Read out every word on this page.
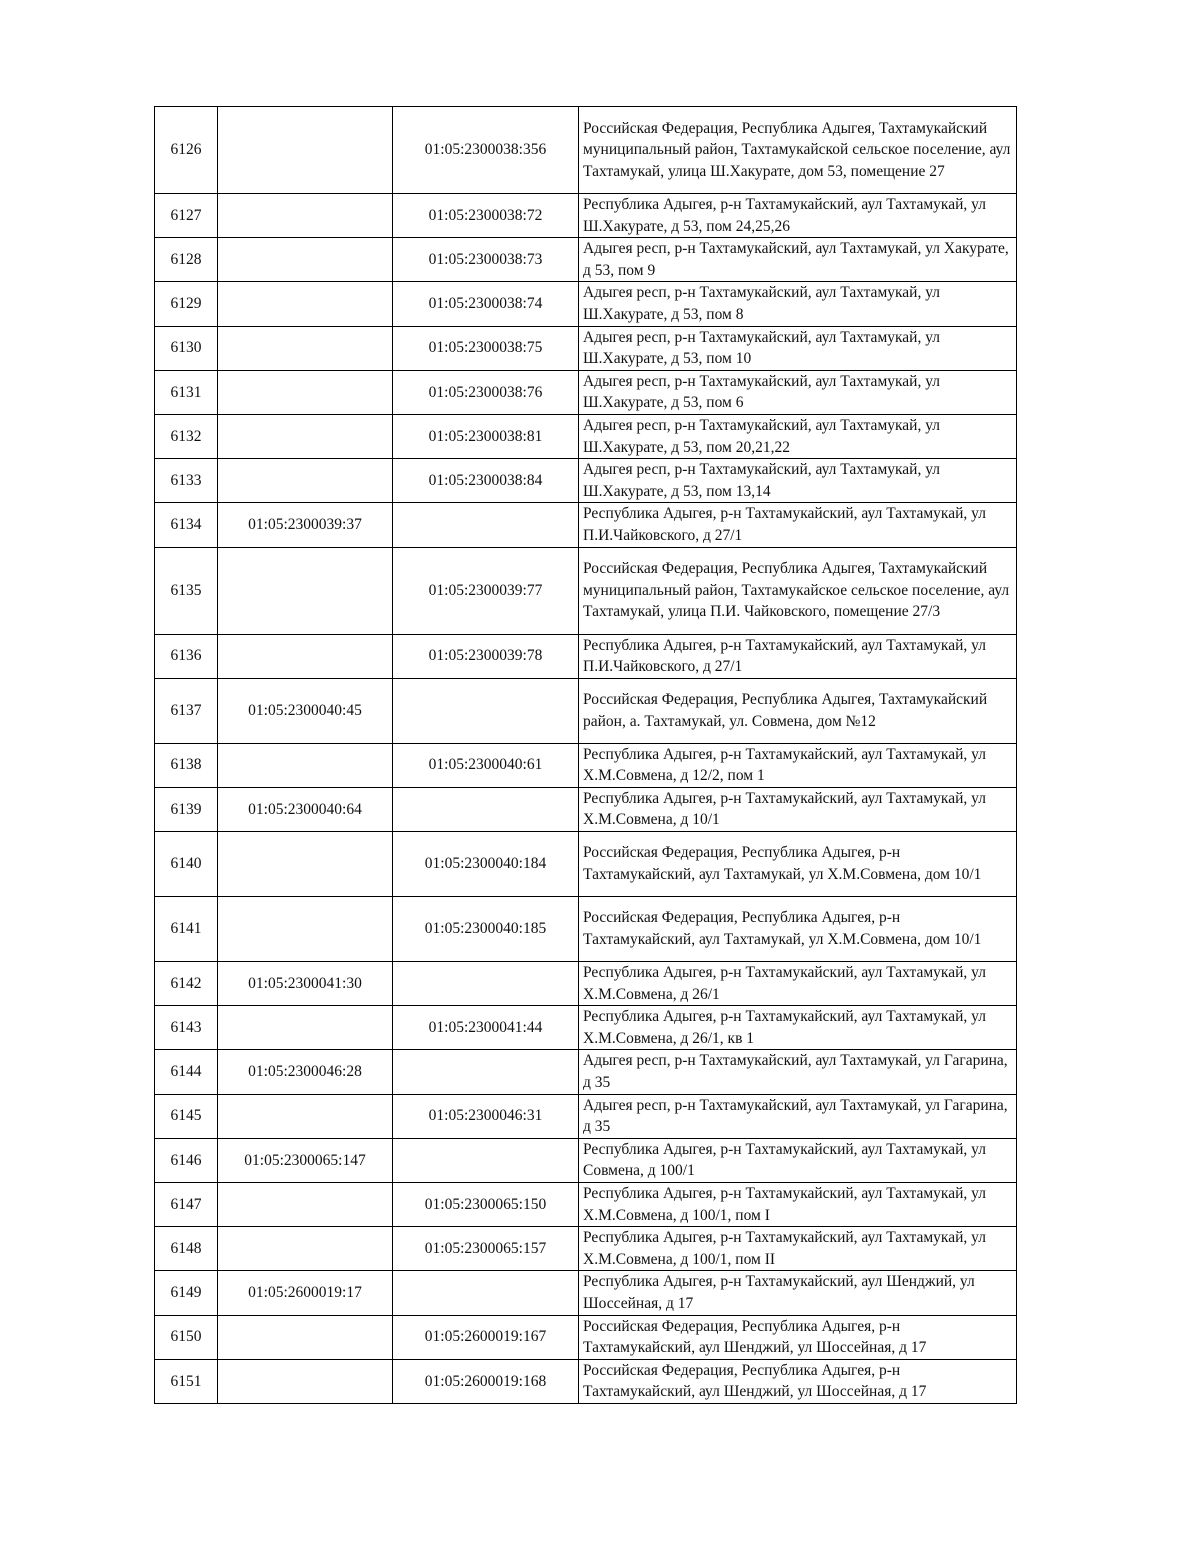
6126		01:05:2300038:356	Российская Федерация, Республика Адыгея, Тахтамукайский муниципальный район, Тахтамукайской сельское поселение, аул Тахтамукай, улица Ш.Хакурате, дом 53, помещение 27
6127		01:05:2300038:72	Республика Адыгея, р-н Тахтамукайский, аул Тахтамукай, ул Ш.Хакурате, д 53, пом 24,25,26
6128		01:05:2300038:73	Адыгея респ, р-н Тахтамукайский, аул Тахтамукай, ул Хакурате, д 53, пом 9
6129		01:05:2300038:74	Адыгея респ, р-н Тахтамукайский, аул Тахтамукай, ул Ш.Хакурате, д 53, пом 8
6130		01:05:2300038:75	Адыгея респ, р-н Тахтамукайский, аул Тахтамукай, ул Ш.Хакурате, д 53, пом 10
6131		01:05:2300038:76	Адыгея респ, р-н Тахтамукайский, аул Тахтамукай, ул Ш.Хакурате, д 53, пом 6
6132		01:05:2300038:81	Адыгея респ, р-н Тахтамукайский, аул Тахтамукай, ул Ш.Хакурате, д 53, пом 20,21,22
6133		01:05:2300038:84	Адыгея респ, р-н Тахтамукайский, аул Тахтамукай, ул Ш.Хакурате, д 53, пом 13,14
6134	01:05:2300039:37		Республика Адыгея, р-н Тахтамукайский, аул Тахтамукай, ул П.И.Чайковского, д 27/1
6135		01:05:2300039:77	Российская Федерация, Республика Адыгея, Тахтамукайский муниципальный район, Тахтамукайское сельское поселение, аул Тахтамукай, улица П.И. Чайковского, помещение 27/3
6136		01:05:2300039:78	Республика Адыгея, р-н Тахтамукайский, аул Тахтамукай, ул П.И.Чайковского, д 27/1
6137	01:05:2300040:45		Российская Федерация, Республика Адыгея, Тахтамукайский район, а. Тахтамукай, ул. Совмена, дом №12
6138		01:05:2300040:61	Республика Адыгея, р-н Тахтамукайский, аул Тахтамукай, ул Х.М.Совмена, д 12/2, пом 1
6139	01:05:2300040:64		Республика Адыгея, р-н Тахтамукайский, аул Тахтамукай, ул Х.М.Совмена, д 10/1
6140		01:05:2300040:184	Российская Федерация, Республика Адыгея, р-н Тахтамукайский, аул Тахтамукай, ул Х.М.Совмена, дом 10/1
6141		01:05:2300040:185	Российская Федерация, Республика Адыгея, р-н Тахтамукайский, аул Тахтамукай, ул Х.М.Совмена, дом 10/1
6142	01:05:2300041:30		Республика Адыгея, р-н Тахтамукайский, аул Тахтамукай, ул Х.М.Совмена, д 26/1
6143		01:05:2300041:44	Республика Адыгея, р-н Тахтамукайский, аул Тахтамукай, ул Х.М.Совмена, д 26/1, кв 1
6144	01:05:2300046:28		Адыгея респ, р-н Тахтамукайский, аул Тахтамукай, ул Гагарина, д 35
6145		01:05:2300046:31	Адыгея респ, р-н Тахтамукайский, аул Тахтамукай, ул Гагарина, д 35
6146	01:05:2300065:147		Республика Адыгея, р-н Тахтамукайский, аул Тахтамукай, ул Совмена, д 100/1
6147		01:05:2300065:150	Республика Адыгея, р-н Тахтамукайский, аул Тахтамукай, ул Х.М.Совмена, д 100/1, пом I
6148		01:05:2300065:157	Республика Адыгея, р-н Тахтамукайский, аул Тахтамукай, ул Х.М.Совмена, д 100/1, пом II
6149	01:05:2600019:17		Республика Адыгея, р-н Тахтамукайский, аул Шенджий, ул Шоссейная, д 17
6150		01:05:2600019:167	Российская Федерация, Республика Адыгея, р-н Тахтамукайский, аул Шенджий, ул Шоссейная, д 17
6151		01:05:2600019:168	Российская Федерация, Республика Адыгея, р-н Тахтамукайский, аул Шенджий, ул Шоссейная, д 17
